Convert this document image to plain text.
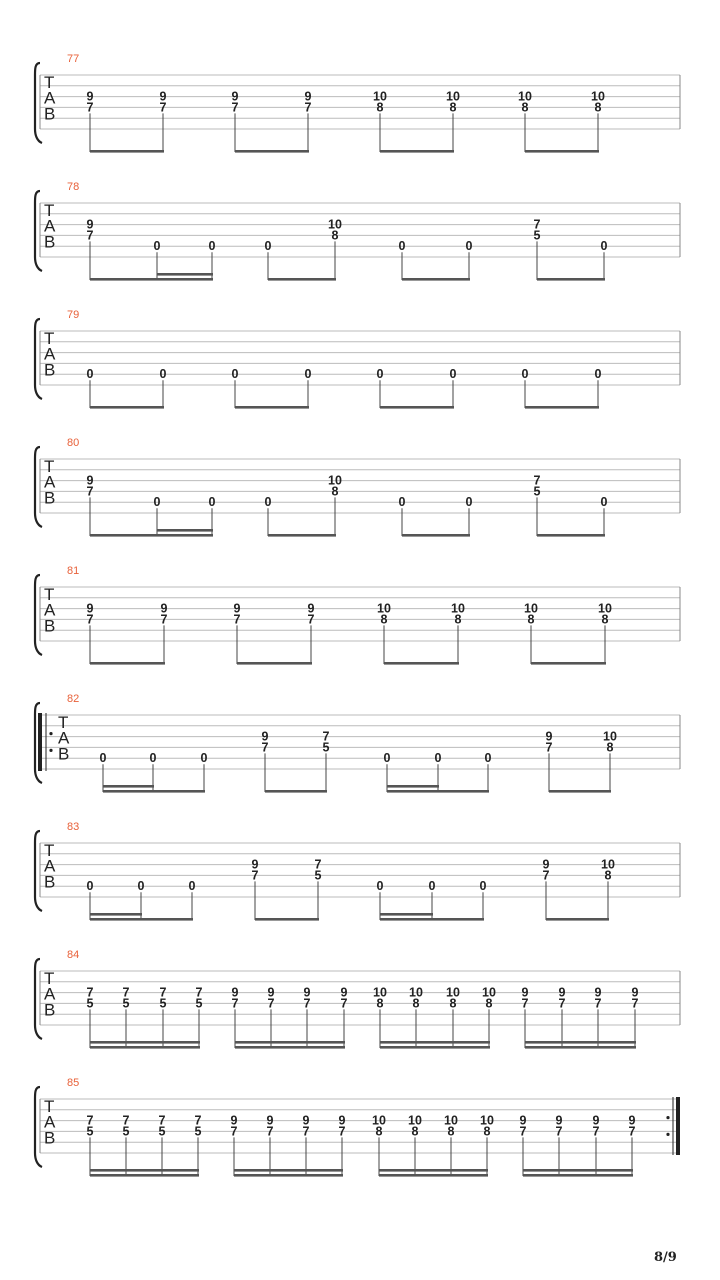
77
T
A
B
9
7
9
7
9
7
9
7
10
8
10
8
10
8
10
8
78
T
A
B
9
7
0	0	0
10
8
0	0
7
5
0
79
T
A
B 0	0	0	0	0	0	0	0
80
T
A
B
9
7
0	0	0
10
8
0	0
7
5
0
81
T
A
B
9
7
9
7
9
7
9
7
10
8
10
8
10
8
10
8
82
T
A
B 0	0	0
9
7
7
5
0	0	0
9
7
10
8
83
T
A
B 0	0	0
9
7
7
5
0	0	0
9
7
10
8
84
T
A
B
7
5
7
5
7
5
7
5
9
7
9
7
9
7
9
7
10
8
10
8
10
8
10
8
9
7
9
7
9
7
9
7
85
T
A
B
7
5
7
5
7
5
7
5
9
7
9
7
9
7
9
7
10
8
10
8
10
8
10
8
9
7
9
7
9
7
9
7
8/9
